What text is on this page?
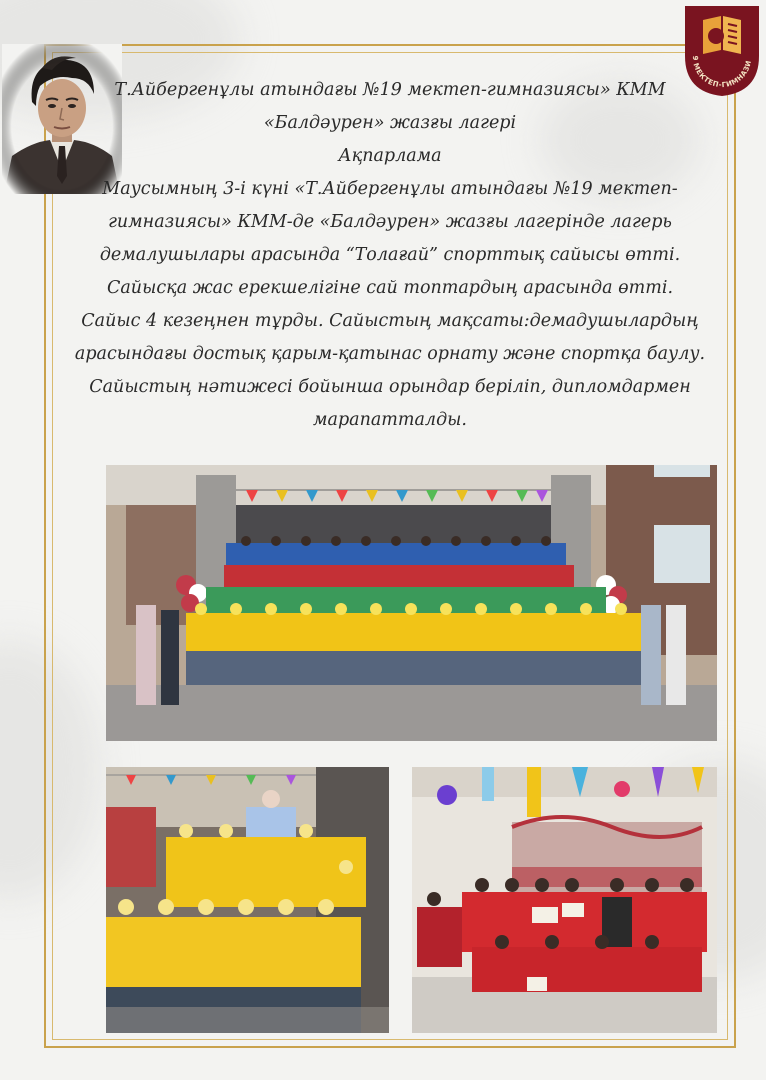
9 МЕКТЕП-ГИМНАЗИ

Т.Айбергенұлы атындағы №19 мектеп-гимназиясы» КММ

«Балдәурен» жазғы лагері

Ақпарлама

Маусымның 3-і күні «Т.Айбергенұлы атындағы №19 мектеп-

гимназиясы» КММ-де «Балдәурен» жазғы лагерінде лагерь

демалушылары арасында “Толағай” спорттық сайысы өтті.

Сайысқа жас ерекшелігіне сай топтардың арасында өтті.

Сайыс 4 кезеңнен тұрды. Сайыстың мақсаты:демадушылардың

арасындағы достық қарым-қатынас орнату және спортқа баулу.

Сайыстың нәтижесі бойынша орындар беріліп, дипломдармен

марапатталды.
